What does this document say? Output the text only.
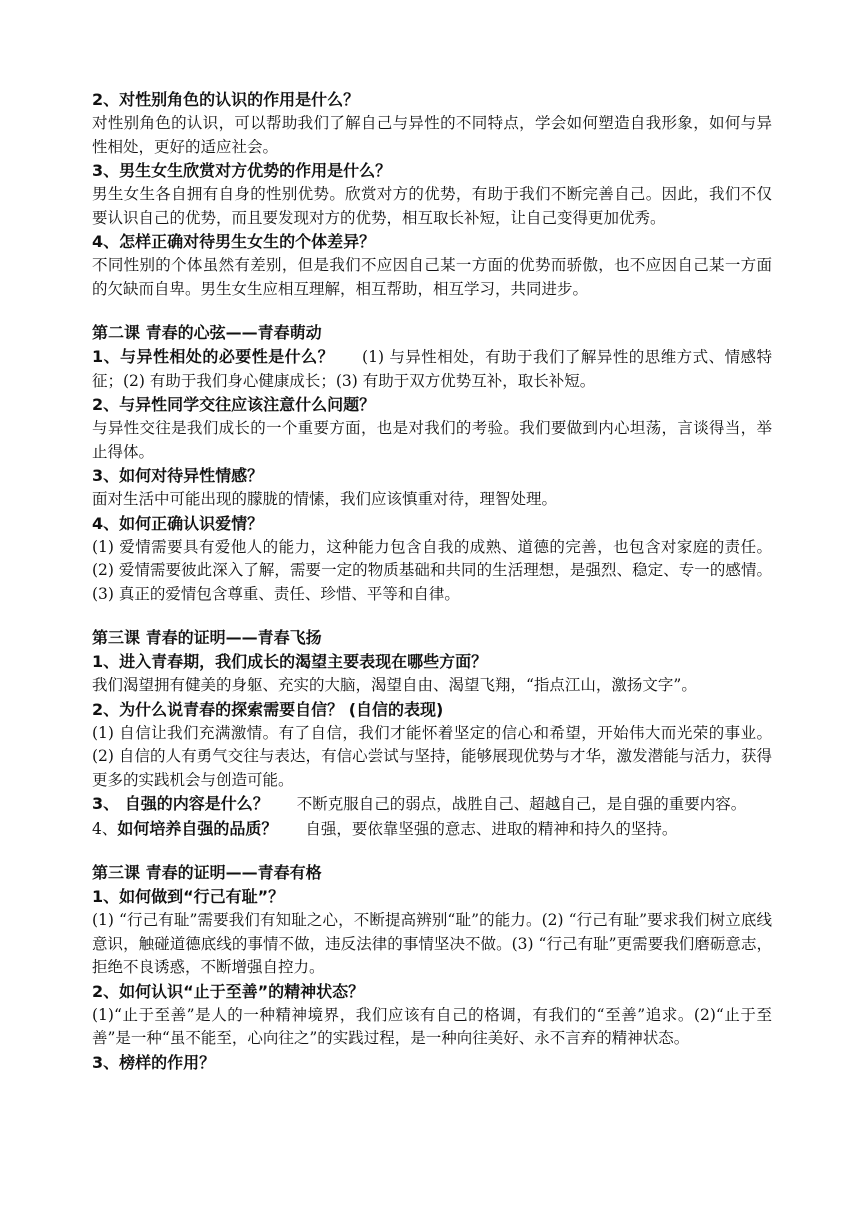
2、对性别角色的认识的作用是什么？

对性别角色的认识，可以帮助我们了解自己与异性的不同特点，学会如何塑造自我形象，如何与异性相处，更好的适应社会。

3、男生女生欣赏对方优势的作用是什么？

男生女生各自拥有自身的性别优势。欣赏对方的优势，有助于我们不断完善自己。因此，我们不仅要认识自己的优势，而且要发现对方的优势，相互取长补短，让自己变得更加优秀。

4、怎样正确对待男生女生的个体差异？

不同性别的个体虽然有差别，但是我们不应因自己某一方面的优势而骄傲，也不应因自己某一方面的欠缺而自卑。男生女生应相互理解，相互帮助，相互学习，共同进步。

第二课 青春的心弦——青春萌动

1、与异性相处的必要性是什么？ (1) 与异性相处，有助于我们了解异性的思维方式、情感特征；(2) 有助于我们身心健康成长；(3) 有助于双方优势互补，取长补短。

2、与异性同学交往应该注意什么问题？

与异性交往是我们成长的一个重要方面，也是对我们的考验。我们要做到内心坦荡，言谈得当，举止得体。

3、如何对待异性情感？

面对生活中可能出现的朦胧的情愫，我们应该慎重对待，理智处理。

4、如何正确认识爱情？

(1) 爱情需要具有爱他人的能力，这种能力包含自我的成熟、道德的完善，也包含对家庭的责任。(2) 爱情需要彼此深入了解，需要一定的物质基础和共同的生活理想，是强烈、稳定、专一的感情。(3) 真正的爱情包含尊重、责任、珍惜、平等和自律。

第三课 青春的证明——青春飞扬

1、进入青春期，我们成长的渴望主要表现在哪些方面？

我们渴望拥有健美的身躯、充实的大脑，渴望自由、渴望飞翔，“指点江山，激扬文字”。

2、为什么说青春的探索需要自信？ (自信的表现)

(1) 自信让我们充满激情。有了自信，我们才能怀着坚定的信心和希望，开始伟大而光荣的事业。(2) 自信的人有勇气交往与表达，有信心尝试与坚持，能够展现优势与才华，激发潜能与活力，获得更多的实践机会与创造可能。

3、 自强的内容是什么？ 不断克服自己的弱点，战胜自己、超越自己，是自强的重要内容。

4、如何培养自强的品质？ 自强，要依靠坚强的意志、进取的精神和持久的坚持。

第三课 青春的证明——青春有格

1、如何做到“行己有耻”？

(1) “行己有耻”需要我们有知耻之心，不断提高辨别“耻”的能力。(2) “行己有耻”要求我们树立底线意识，触碰道德底线的事情不做，违反法律的事情坚决不做。(3) “行己有耻”更需要我们磨砺意志，拒绝不良诱惑，不断增强自控力。

2、如何认识“止于至善”的精神状态？

(1)“止于至善”是人的一种精神境界，我们应该有自己的格调，有我们的“至善”追求。(2)“止于至善”是一种“虽不能至，心向往之”的实践过程，是一种向往美好、永不言弃的精神状态。

3、榜样的作用？
